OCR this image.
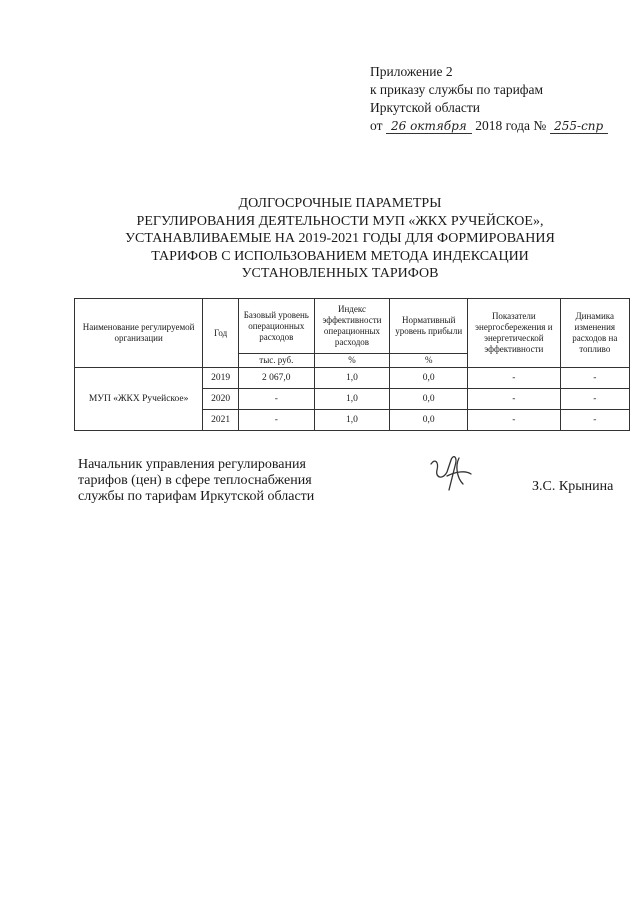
Приложение 2
к приказу службы по тарифам
Иркутской области
от 26 октября 2018 года № 255-спр
ДОЛГОСРОЧНЫЕ ПАРАМЕТРЫ
РЕГУЛИРОВАНИЯ ДЕЯТЕЛЬНОСТИ МУП «ЖКХ РУЧЕЙСКОЕ»,
УСТАНАВЛИВАЕМЫЕ НА 2019-2021 ГОДЫ ДЛЯ ФОРМИРОВАНИЯ
ТАРИФОВ С ИСПОЛЬЗОВАНИЕМ МЕТОДА ИНДЕКСАЦИИ
УСТАНОВЛЕННЫХ ТАРИФОВ
Наименование регулируемой организации	Год	Базовый уровень операционных расходов	Индекс эффективности операционных расходов	Нормативный уровень прибыли	Показатели энергосбережения и энергетической эффективности	Динамика изменения расходов на топливо
		тыс. руб.	%	%		
МУП «ЖКХ Ручейское»	2019	2 067,0	1,0	0,0	-	-
	2020	-	1,0	0,0	-	-
	2021	-	1,0	0,0	-	-
Начальник управления регулирования
тарифов (цен) в сфере теплоснабжения
службы по тарифам Иркутской области
З.С. Крынина
